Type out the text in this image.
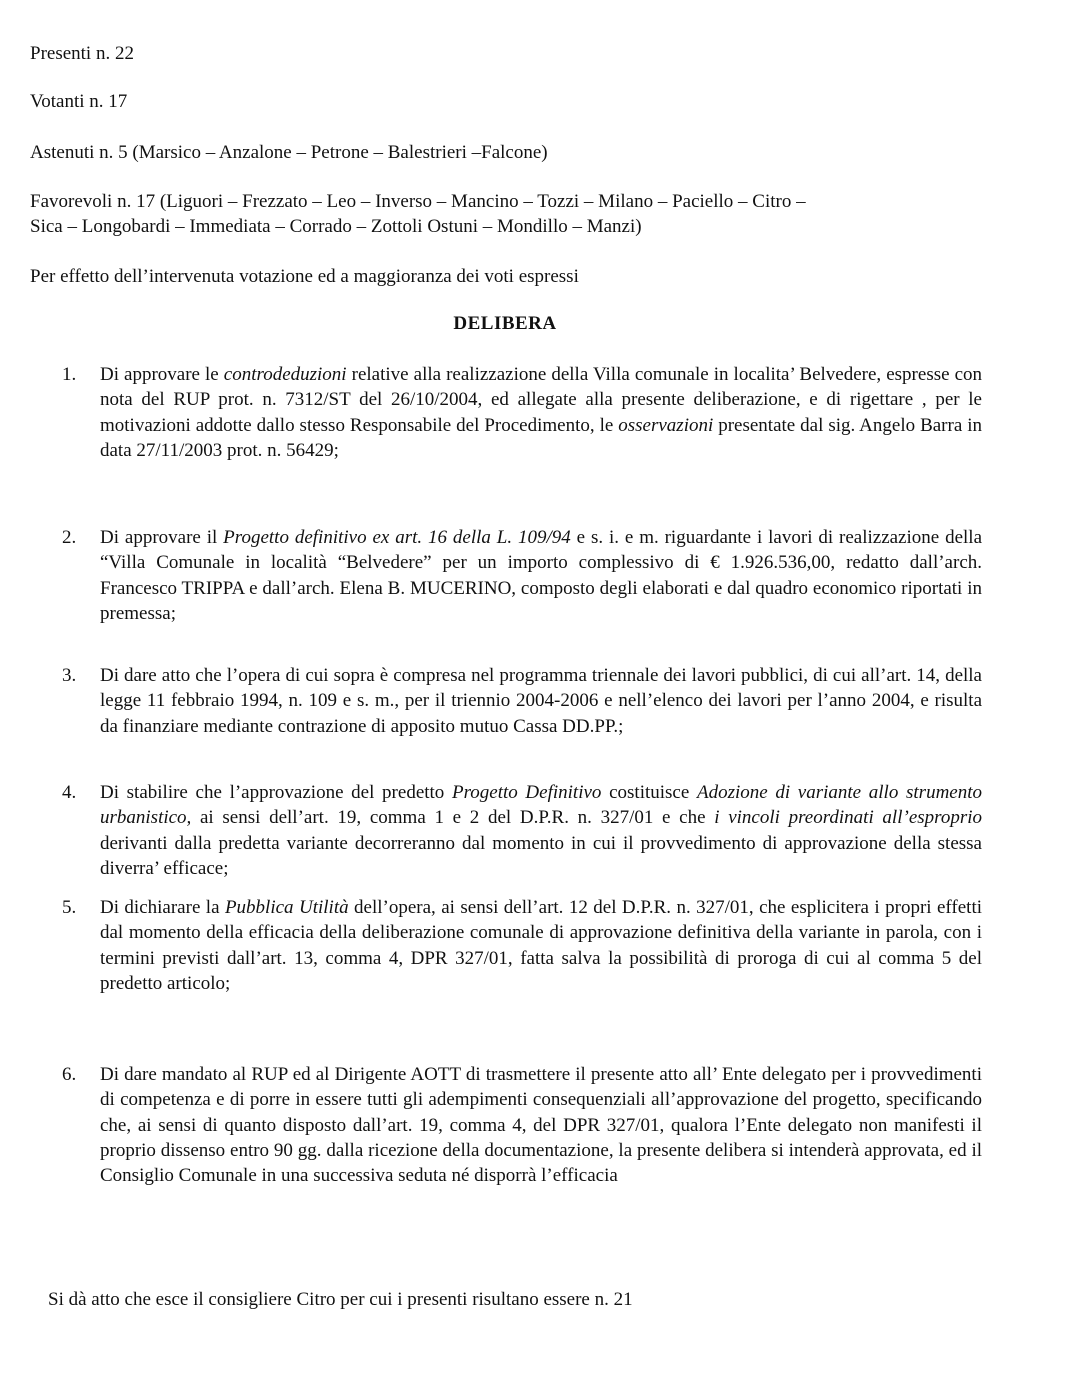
Presenti n. 22
Votanti n. 17
Astenuti n. 5 (Marsico – Anzalone – Petrone – Balestrieri –Falcone)
Favorevoli n. 17 (Liguori – Frezzato – Leo – Inverso – Mancino – Tozzi – Milano – Paciello – Citro –
Sica – Longobardi – Immediata – Corrado – Zottoli Ostuni – Mondillo – Manzi)
Per effetto dell’intervenuta votazione ed a maggioranza dei voti espressi
DELIBERA
1.	Di approvare le controdeduzioni relative alla realizzazione della Villa comunale in localita’ Belvedere, espresse con nota del RUP prot. n. 7312/ST del 26/10/2004, ed allegate alla presente deliberazione, e di rigettare , per le motivazioni addotte dallo stesso Responsabile del Procedimento, le osservazioni presentate dal sig. Angelo Barra in data 27/11/2003 prot. n. 56429;
2.	Di approvare il Progetto definitivo ex art. 16 della L. 109/94 e s. i. e m. riguardante i lavori di realizzazione della “Villa Comunale in località “Belvedere” per un importo complessivo di € 1.926.536,00, redatto dall’arch. Francesco TRIPPA e dall’arch. Elena B. MUCERINO, composto degli elaborati e dal quadro economico riportati in premessa;
3.	Di dare atto che l’opera di cui sopra è compresa nel programma triennale dei lavori pubblici, di cui all’art. 14, della legge 11 febbraio 1994, n. 109 e s. m., per il triennio 2004-2006 e nell’elenco dei lavori per l’anno 2004, e risulta da finanziare mediante contrazione di apposito mutuo Cassa DD.PP.;
4.	Di stabilire che l’approvazione del predetto Progetto Definitivo costituisce Adozione di variante allo strumento urbanistico, ai sensi dell’art. 19, comma 1 e 2 del D.P.R. n. 327/01 e che i vincoli preordinati all’esproprio derivanti dalla predetta variante decorreranno dal momento in cui il provvedimento di approvazione della stessa diverra’ efficace;
5.	Di dichiarare la Pubblica Utilità dell’opera, ai sensi dell’art. 12 del D.P.R. n. 327/01, che esplicitera i propri effetti dal momento della efficacia della deliberazione comunale di approvazione definitiva della variante in parola, con i termini previsti dall’art. 13, comma 4, DPR 327/01, fatta salva la possibilità di proroga di cui al comma 5 del predetto articolo;
6.	Di dare mandato al RUP ed al Dirigente AOTT di trasmettere il presente atto all’ Ente delegato per i provvedimenti di competenza e di porre in essere tutti gli adempimenti consequenziali all’approvazione del progetto, specificando che, ai sensi di quanto disposto dall’art. 19, comma 4, del DPR 327/01, qualora l’Ente delegato non manifesti il proprio dissenso entro 90 gg. dalla ricezione della documentazione, la presente delibera si intenderà approvata, ed il Consiglio Comunale in una successiva seduta né disporrà l’efficacia
Si dà atto che esce il consigliere Citro per cui i presenti risultano essere n. 21
